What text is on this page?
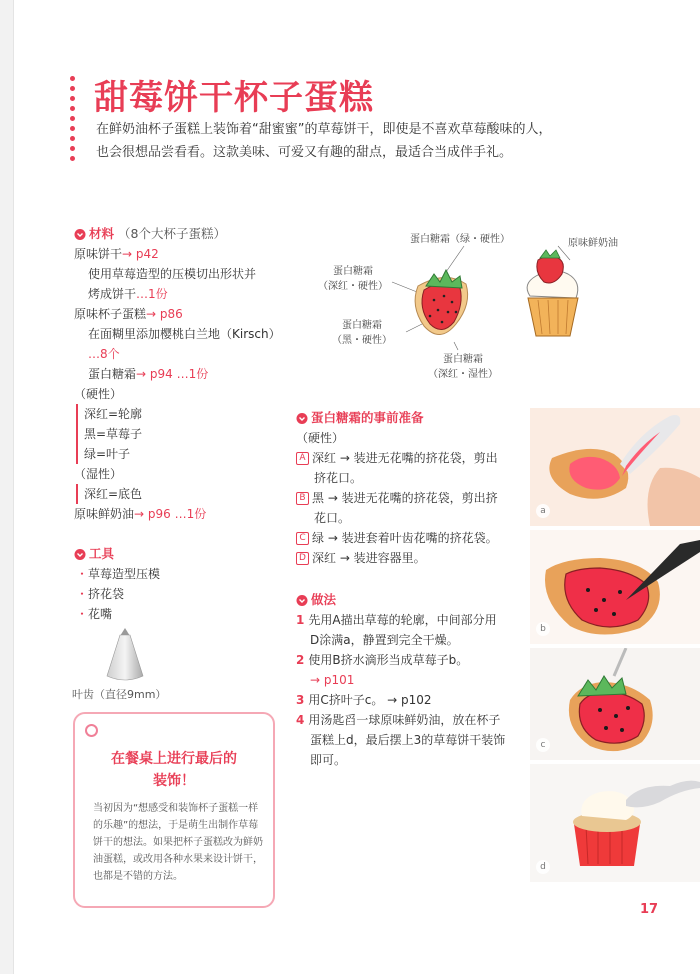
甜莓饼干杯子蛋糕
在鲜奶油杯子蛋糕上装饰着“甜蜜蜜”的草莓饼干，即使是不喜欢草莓酸味的人，
也会很想品尝看看。这款美味、可爱又有趣的甜点，最适合当成伴手礼。
材料 （8个大杯子蛋糕）
原味饼干→ p42
使用草莓造型的压模切出形状并
烤成饼干…1份
原味杯子蛋糕→ p86
在面糊里添加樱桃白兰地（Kirsch）
…8个
蛋白糖霜→ p94 …1份
（硬性）
深红=轮廓
黑=草莓子
绿=叶子
（湿性）
深红=底色
原味鲜奶油→ p96 …1份
工具
・草莓造型压模
・挤花袋
・花嘴
叶齿（直径9mm）
在餐桌上进行最后的
装饰！
当初因为“想感受和装饰杯子蛋糕一样的乐趣”的想法，于是萌生出制作草莓饼干的想法。如果把杯子蛋糕改为鲜奶油蛋糕，或改用各种水果来设计饼干，也都是不错的方法。
蛋白糖霜（绿・硬性）	原味鲜奶油
蛋白糖霜
（深红・硬性）
蛋白糖霜
（黑・硬性）
蛋白糖霜
（深红・湿性）
蛋白糖霜的事前准备
（硬性）
A 深红 → 装进无花嘴的挤花袋，剪出
挤花口。
B 黑 → 装进无花嘴的挤花袋，剪出挤
花口。
C 绿 → 装进套着叶齿花嘴的挤花袋。
D 深红 → 装进容器里。
做法
1 先用A描出草莓的轮廓，中间部分用
D涂满a，静置到完全干燥。
2 使用B挤水滴形当成草莓子b。
→ p101
3 用C挤叶子c。 → p102
4 用汤匙舀一球原味鲜奶油，放在杯子
蛋糕上d，最后摆上3的草莓饼干装饰
即可。
a
b
c
d
17
